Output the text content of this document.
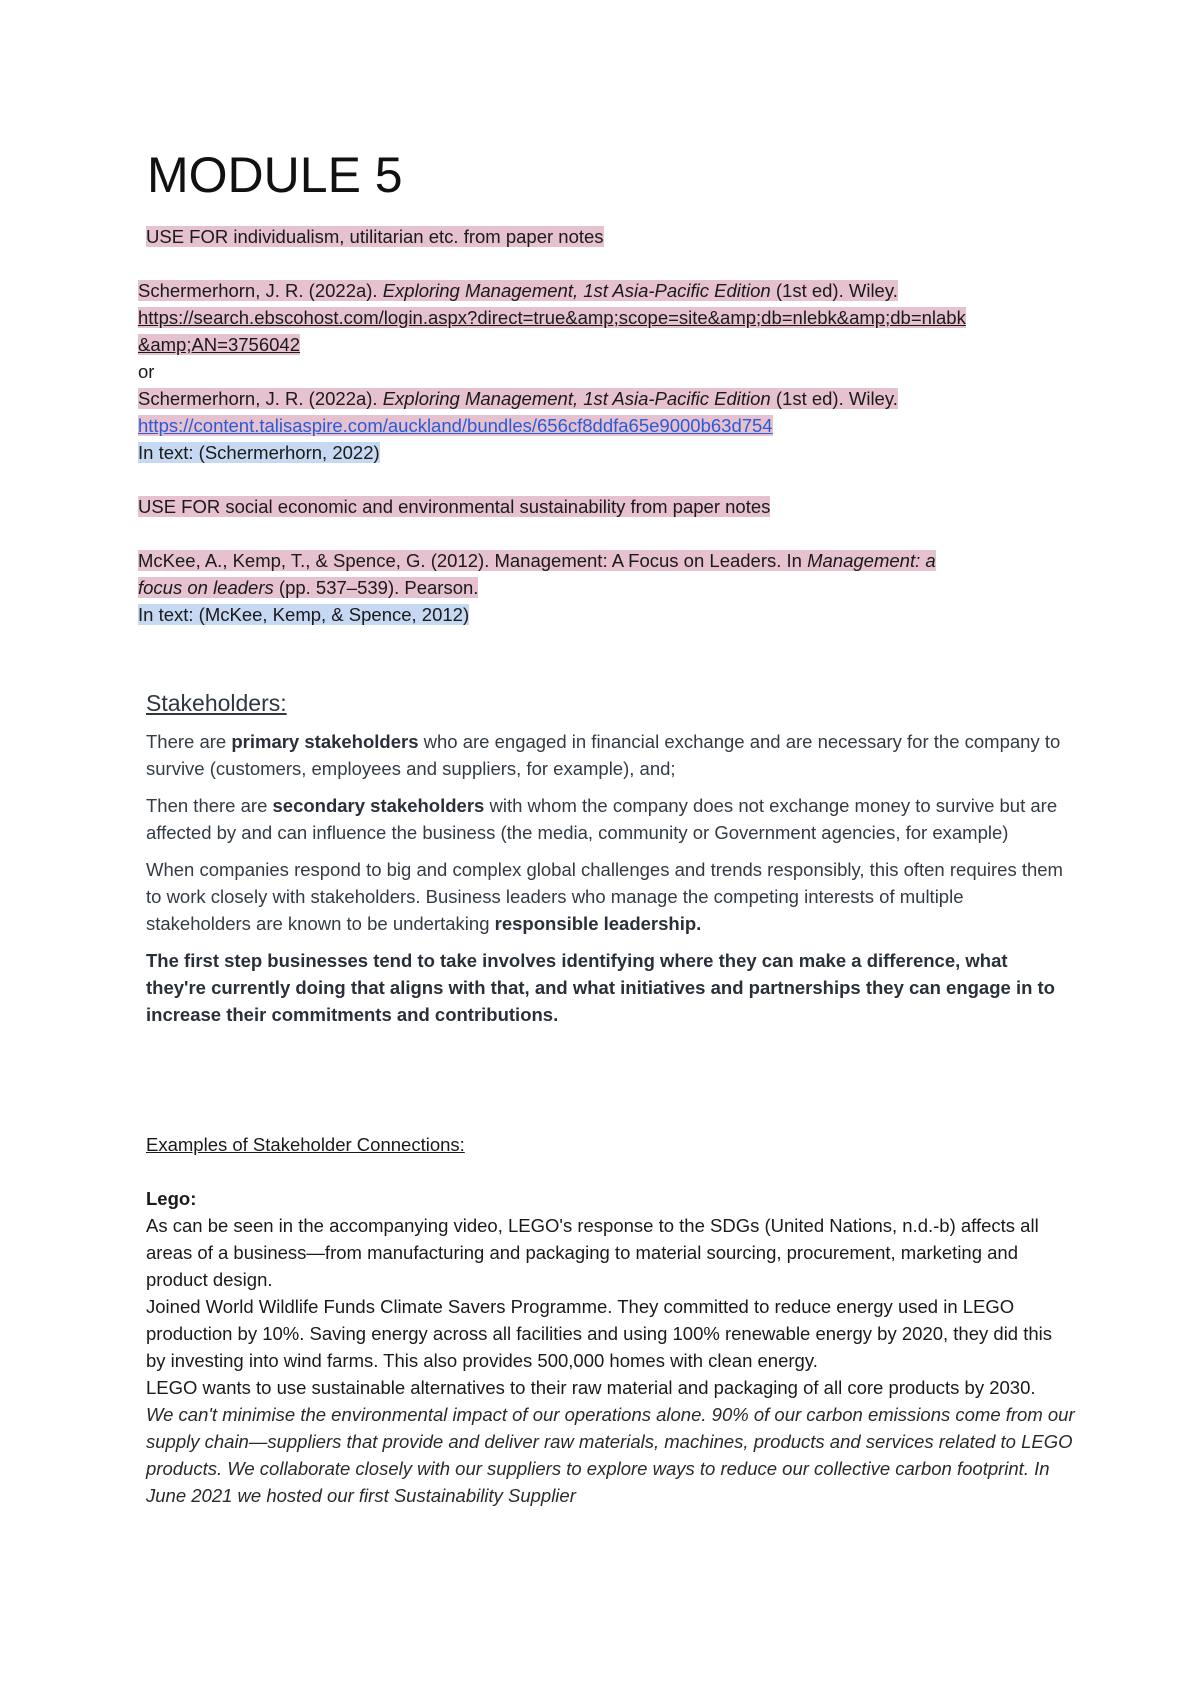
MODULE 5

USE FOR individualism, utilitarian etc. from paper notes

Schermerhorn, J. R. (2022a). Exploring Management, 1st Asia-Pacific Edition (1st ed). Wiley.
https://search.ebscohost.com/login.aspx?direct=true&amp;scope=site&amp;db=nlebk&amp;db=nlabk
&amp;AN=3756042

or

Schermerhorn, J. R. (2022a). Exploring Management, 1st Asia-Pacific Edition (1st ed). Wiley.
https://content.talisaspire.com/auckland/bundles/656cf8ddfa65e9000b63d754

In text: (Schermerhorn, 2022)

USE FOR social economic and environmental sustainability from paper notes

McKee, A., Kemp, T., & Spence, G. (2012). Management: A Focus on Leaders. In Management: a
focus on leaders (pp. 537–539). Pearson.

In text: (McKee, Kemp, & Spence, 2012)

Stakeholders:

There are primary stakeholders who are engaged in financial exchange and are necessary for the company to survive (customers, employees and suppliers, for example), and;

Then there are secondary stakeholders with whom the company does not exchange money to survive but are affected by and can influence the business (the media, community or Government agencies, for example)

When companies respond to big and complex global challenges and trends responsibly, this often requires them to work closely with stakeholders. Business leaders who manage the competing interests of multiple stakeholders are known to be undertaking responsible leadership.

The first step businesses tend to take involves identifying where they can make a difference, what they're currently doing that aligns with that, and what initiatives and partnerships they can engage in to increase their commitments and contributions.

Examples of Stakeholder Connections:

Lego:

As can be seen in the accompanying video, LEGO's response to the SDGs (United Nations, n.d.-b) affects all areas of a business—from manufacturing and packaging to material sourcing, procurement, marketing and product design.

Joined World Wildlife Funds Climate Savers Programme. They committed to reduce energy used in LEGO production by 10%. Saving energy across all facilities and using 100% renewable energy by 2020, they did this by investing into wind farms. This also provides 500,000 homes with clean energy.

LEGO wants to use sustainable alternatives to their raw material and packaging of all core products by 2030.

We can't minimise the environmental impact of our operations alone. 90% of our carbon emissions come from our supply chain—suppliers that provide and deliver raw materials, machines, products and services related to LEGO products. We collaborate closely with our suppliers to explore ways to reduce our collective carbon footprint. In June 2021 we hosted our first Sustainability Supplier
